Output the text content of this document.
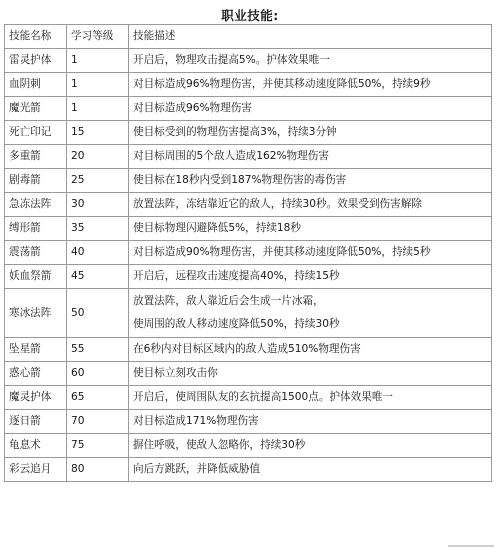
职业技能:
技能名称	学习等级	技能描述
雷灵护体	1	开启后，物理攻击提高5%。护体效果唯一
血阴刺	1	对目标造成96%物理伤害，并使其移动速度降低50%，持续9秒
魔光箭	1	对目标造成96%物理伤害
死亡印记	15	使目标受到的物理伤害提高3%，持续3分钟
多重箭	20	对目标周围的5个敌人造成162%物理伤害
剧毒箭	25	使目标在18秒内受到187%物理伤害的毒伤害
急冻法阵	30	放置法阵，冻结靠近它的敌人，持续30秒。效果受到伤害解除
缚形箭	35	使目标物理闪避降低5%，持续18秒
震荡箭	40	对目标造成90%物理伤害，并使其移动速度降低50%，持续5秒
妖血祭箭	45	开启后，远程攻击速度提高40%，持续15秒
寒冰法阵	50	放置法阵，敌人靠近后会生成一片冰霜，
使周围的敌人移动速度降低50%，持续30秒

坠星箭	55	在6秒内对目标区域内的敌人造成510%物理伤害
惑心箭	60	使目标立刻攻击你
魔灵护体	65	开启后，使周围队友的玄抗提高1500点。护体效果唯一
逐日箭	70	对目标造成171%物理伤害
龟息术	75	摒住呼吸，使敌人忽略你，持续30秒
彩云追月	80	向后方跳跃，并降低威胁值
